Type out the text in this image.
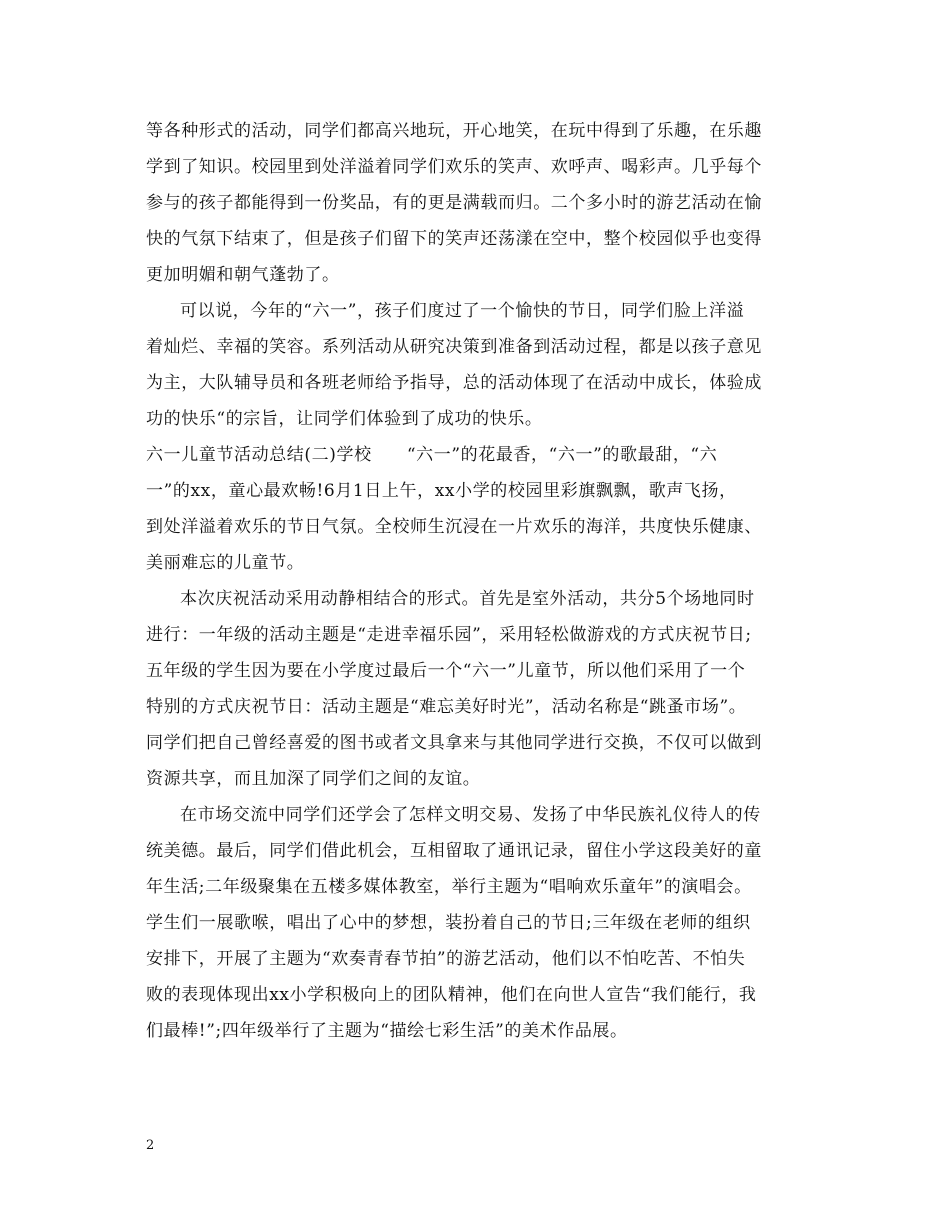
等各种形式的活动，同学们都高兴地玩，开心地笑，在玩中得到了乐趣，在乐趣
学到了知识。校园里到处洋溢着同学们欢乐的笑声、欢呼声、喝彩声。几乎每个
参与的孩子都能得到一份奖品，有的更是满载而归。二个多小时的游艺活动在愉
快的气氛下结束了，但是孩子们留下的笑声还荡漾在空中，整个校园似乎也变得
更加明媚和朝气蓬勃了。
可以说，今年的“六一”，孩子们度过了一个愉快的节日，同学们脸上洋溢
着灿烂、幸福的笑容。系列活动从研究决策到准备到活动过程，都是以孩子意见
为主，大队辅导员和各班老师给予指导，总的活动体现了在活动中成长，体验成
功的快乐“的宗旨，让同学们体验到了成功的快乐。
六一儿童节活动总结(二)学校　　“六一”的花最香，“六一”的歌最甜，“六
一”的xx，童心最欢畅!6月1日上午，xx小学的校园里彩旗飘飘，歌声飞扬，
到处洋溢着欢乐的节日气氛。全校师生沉浸在一片欢乐的海洋，共度快乐健康、
美丽难忘的儿童节。
本次庆祝活动采用动静相结合的形式。首先是室外活动，共分5个场地同时
进行：一年级的活动主题是“走进幸福乐园”，采用轻松做游戏的方式庆祝节日;
五年级的学生因为要在小学度过最后一个“六一”儿童节，所以他们采用了一个
特别的方式庆祝节日：活动主题是“难忘美好时光”，活动名称是“跳蚤市场”。
同学们把自己曾经喜爱的图书或者文具拿来与其他同学进行交换，不仅可以做到
资源共享，而且加深了同学们之间的友谊。
在市场交流中同学们还学会了怎样文明交易、发扬了中华民族礼仪待人的传
统美德。最后，同学们借此机会，互相留取了通讯记录，留住小学这段美好的童
年生活;二年级聚集在五楼多媒体教室，举行主题为“唱响欢乐童年”的演唱会。
学生们一展歌喉，唱出了心中的梦想，装扮着自己的节日;三年级在老师的组织
安排下，开展了主题为“欢奏青春节拍”的游艺活动，他们以不怕吃苦、不怕失
败的表现体现出xx小学积极向上的团队精神，他们在向世人宣告“我们能行，我
们最棒!”;四年级举行了主题为“描绘七彩生活”的美术作品展。
2
